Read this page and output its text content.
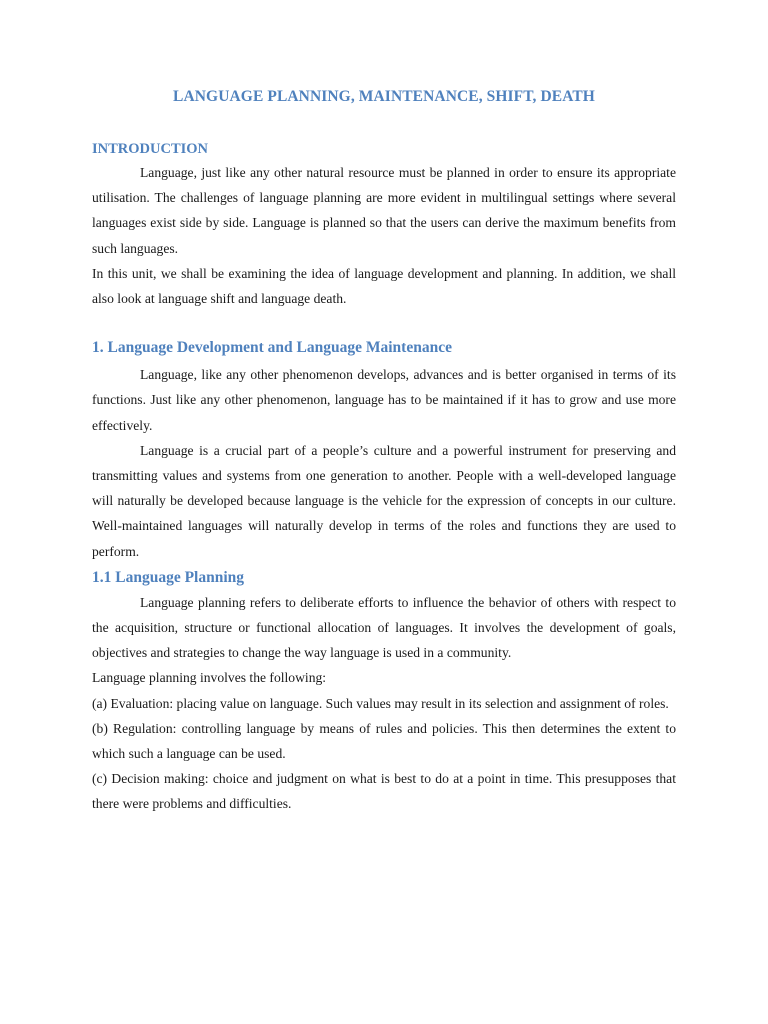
LANGUAGE PLANNING, MAINTENANCE, SHIFT, DEATH
INTRODUCTION

Language, just like any other natural resource must be planned in order to ensure its appropriate utilisation. The challenges of language planning are more evident in multilingual settings where several languages exist side by side. Language is planned so that the users can derive the maximum benefits from such languages.

In this unit, we shall be examining the idea of language development and planning. In addition, we shall also look at language shift and language death.

1. Language Development and Language Maintenance

Language, like any other phenomenon develops, advances and is better organised in terms of its functions. Just like any other phenomenon, language has to be maintained if it has to grow and use more effectively.

Language is a crucial part of a people’s culture and a powerful instrument for preserving and transmitting values and systems from one generation to another. People with a well-developed language will naturally be developed because language is the vehicle for the expression of concepts in our culture. Well-maintained languages will naturally develop in terms of the roles and functions they are used to perform.

1.1 Language Planning

Language planning refers to deliberate efforts to influence the behavior of others with respect to the acquisition, structure or functional allocation of languages. It involves the development of goals, objectives and strategies to change the way language is used in a community.

Language planning involves the following:

(a) Evaluation: placing value on language. Such values may result in its selection and assignment of roles.

(b) Regulation: controlling language by means of rules and policies. This then determines the extent to which such a language can be used.

(c) Decision making: choice and judgment on what is best to do at a point in time. This presupposes that there were problems and difficulties.
